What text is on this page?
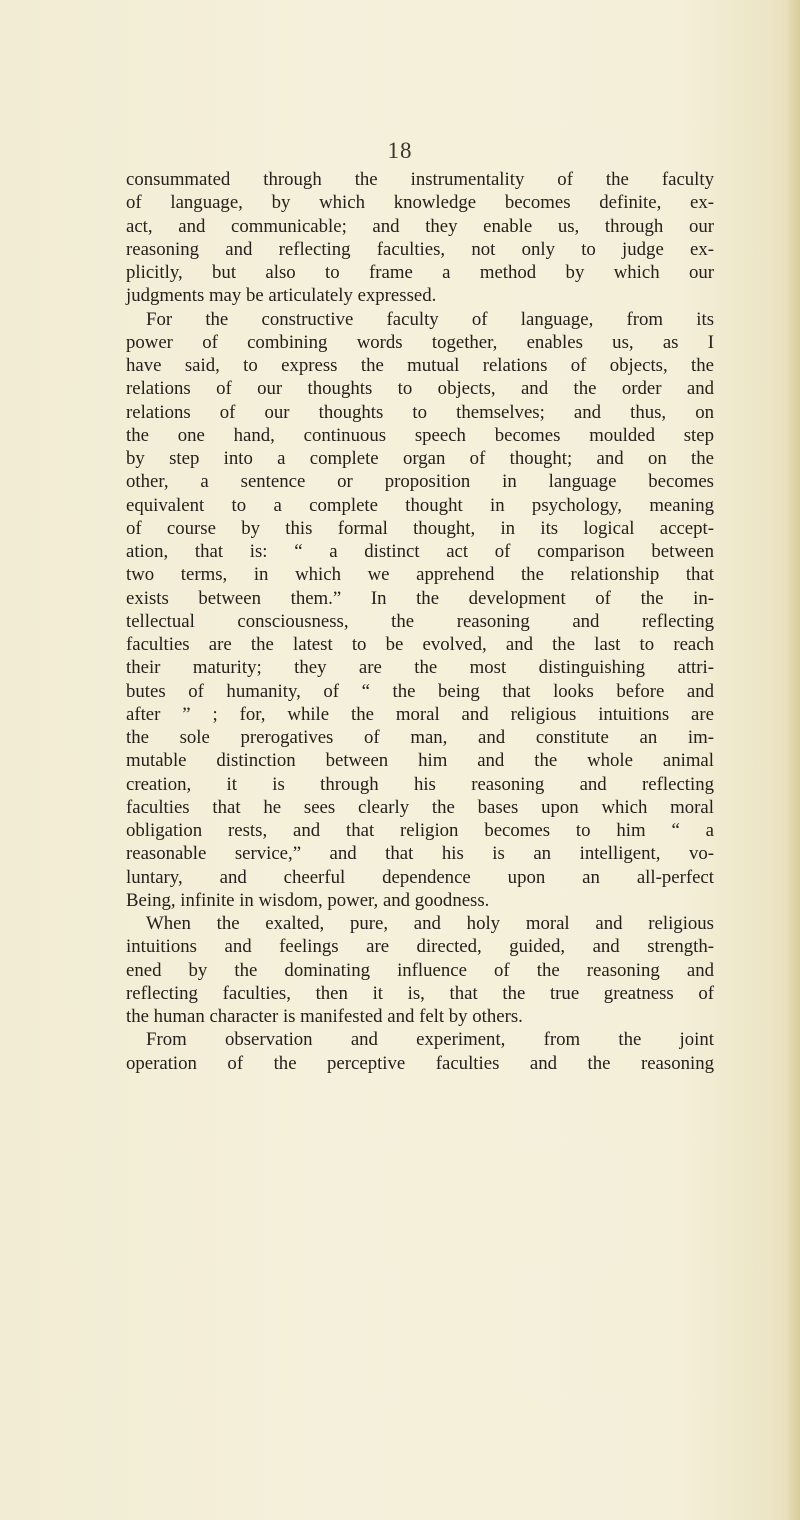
18
consummated through the instrumentality of the faculty
of language, by which knowledge becomes definite, ex-
act, and communicable; and they enable us, through our
reasoning and reflecting faculties, not only to judge ex-
plicitly, but also to frame a method by which our
judgments may be articulately expressed.
For the constructive faculty of language, from its
power of combining words together, enables us, as I
have said, to express the mutual relations of objects, the
relations of our thoughts to objects, and the order and
relations of our thoughts to themselves; and thus, on
the one hand, continuous speech becomes moulded step
by step into a complete organ of thought; and on the
other, a sentence or proposition in language becomes
equivalent to a complete thought in psychology, meaning
of course by this formal thought, in its logical accept-
ation, that is: “ a distinct act of comparison between
two terms, in which we apprehend the relationship that
exists between them.” In the development of the in-
tellectual consciousness, the reasoning and reflecting
faculties are the latest to be evolved, and the last to reach
their maturity; they are the most distinguishing attri-
butes of humanity, of “ the being that looks before and
after ” ; for, while the moral and religious intuitions are
the sole prerogatives of man, and constitute an im-
mutable distinction between him and the whole animal
creation, it is through his reasoning and reflecting
faculties that he sees clearly the bases upon which moral
obligation rests, and that religion becomes to him “ a
reasonable service,” and that his is an intelligent, vo-
luntary, and cheerful dependence upon an all-perfect
Being, infinite in wisdom, power, and goodness.
When the exalted, pure, and holy moral and religious
intuitions and feelings are directed, guided, and strength-
ened by the dominating influence of the reasoning and
reflecting faculties, then it is, that the true greatness of
the human character is manifested and felt by others.
From observation and experiment, from the joint
operation of the perceptive faculties and the reasoning
